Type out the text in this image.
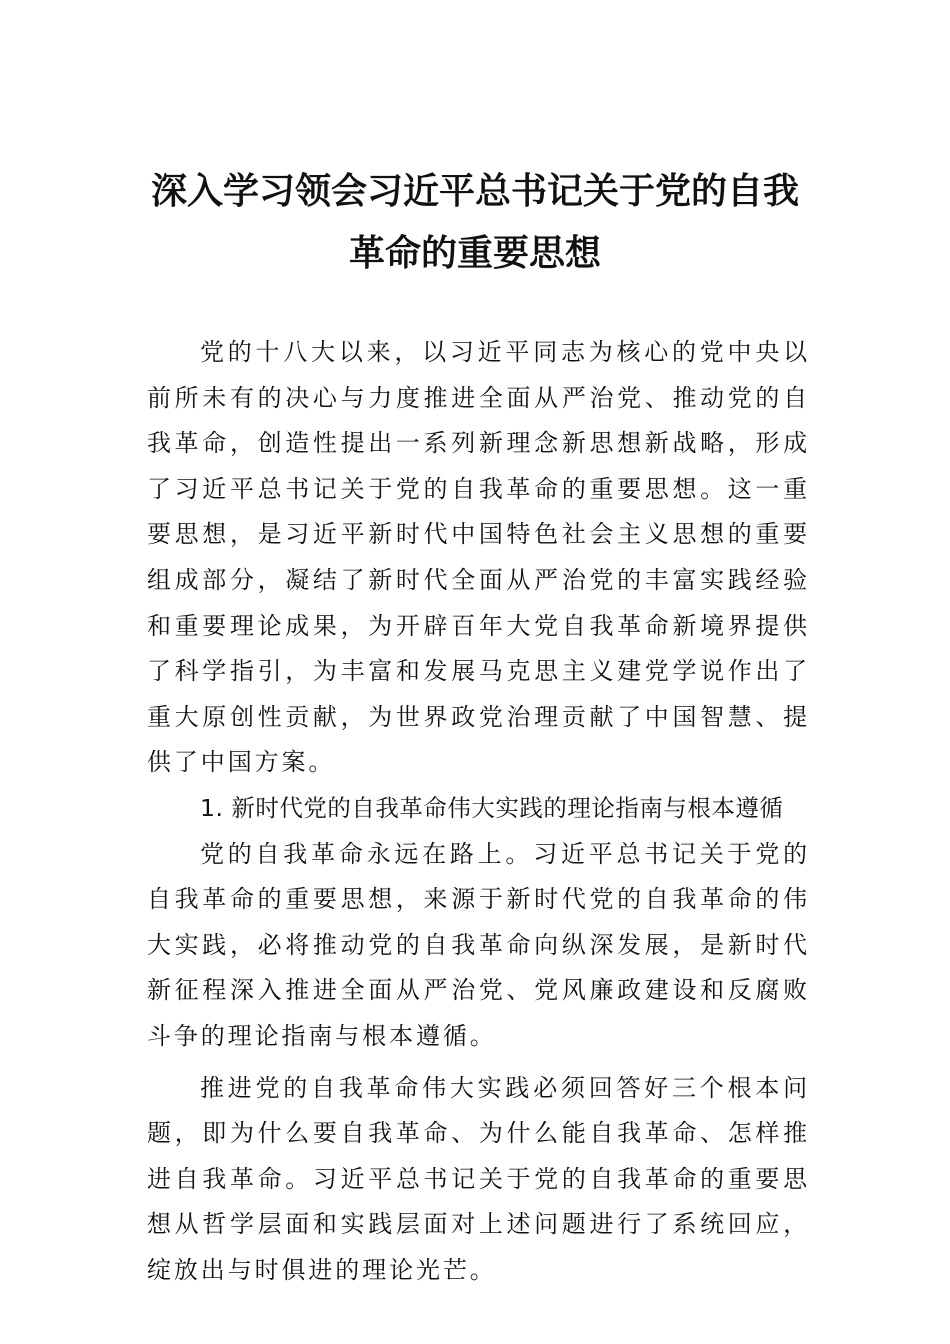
深入学习领会习近平总书记关于党的自我
革命的重要思想

党的十八大以来，以习近平同志为核心的党中央以前所未有的决心与力度推进全面从严治党、推动党的自我革命，创造性提出一系列新理念新思想新战略，形成了习近平总书记关于党的自我革命的重要思想。这一重要思想，是习近平新时代中国特色社会主义思想的重要组成部分，凝结了新时代全面从严治党的丰富实践经验和重要理论成果，为开辟百年大党自我革命新境界提供了科学指引，为丰富和发展马克思主义建党学说作出了重大原创性贡献，为世界政党治理贡献了中国智慧、提供了中国方案。

1. 新时代党的自我革命伟大实践的理论指南与根本遵循

党的自我革命永远在路上。习近平总书记关于党的自我革命的重要思想，来源于新时代党的自我革命的伟大实践，必将推动党的自我革命向纵深发展，是新时代新征程深入推进全面从严治党、党风廉政建设和反腐败斗争的理论指南与根本遵循。

推进党的自我革命伟大实践必须回答好三个根本问题，即为什么要自我革命、为什么能自我革命、怎样推进自我革命。习近平总书记关于党的自我革命的重要思想从哲学层面和实践层面对上述问题进行了系统回应，绽放出与时俱进的理论光芒。
